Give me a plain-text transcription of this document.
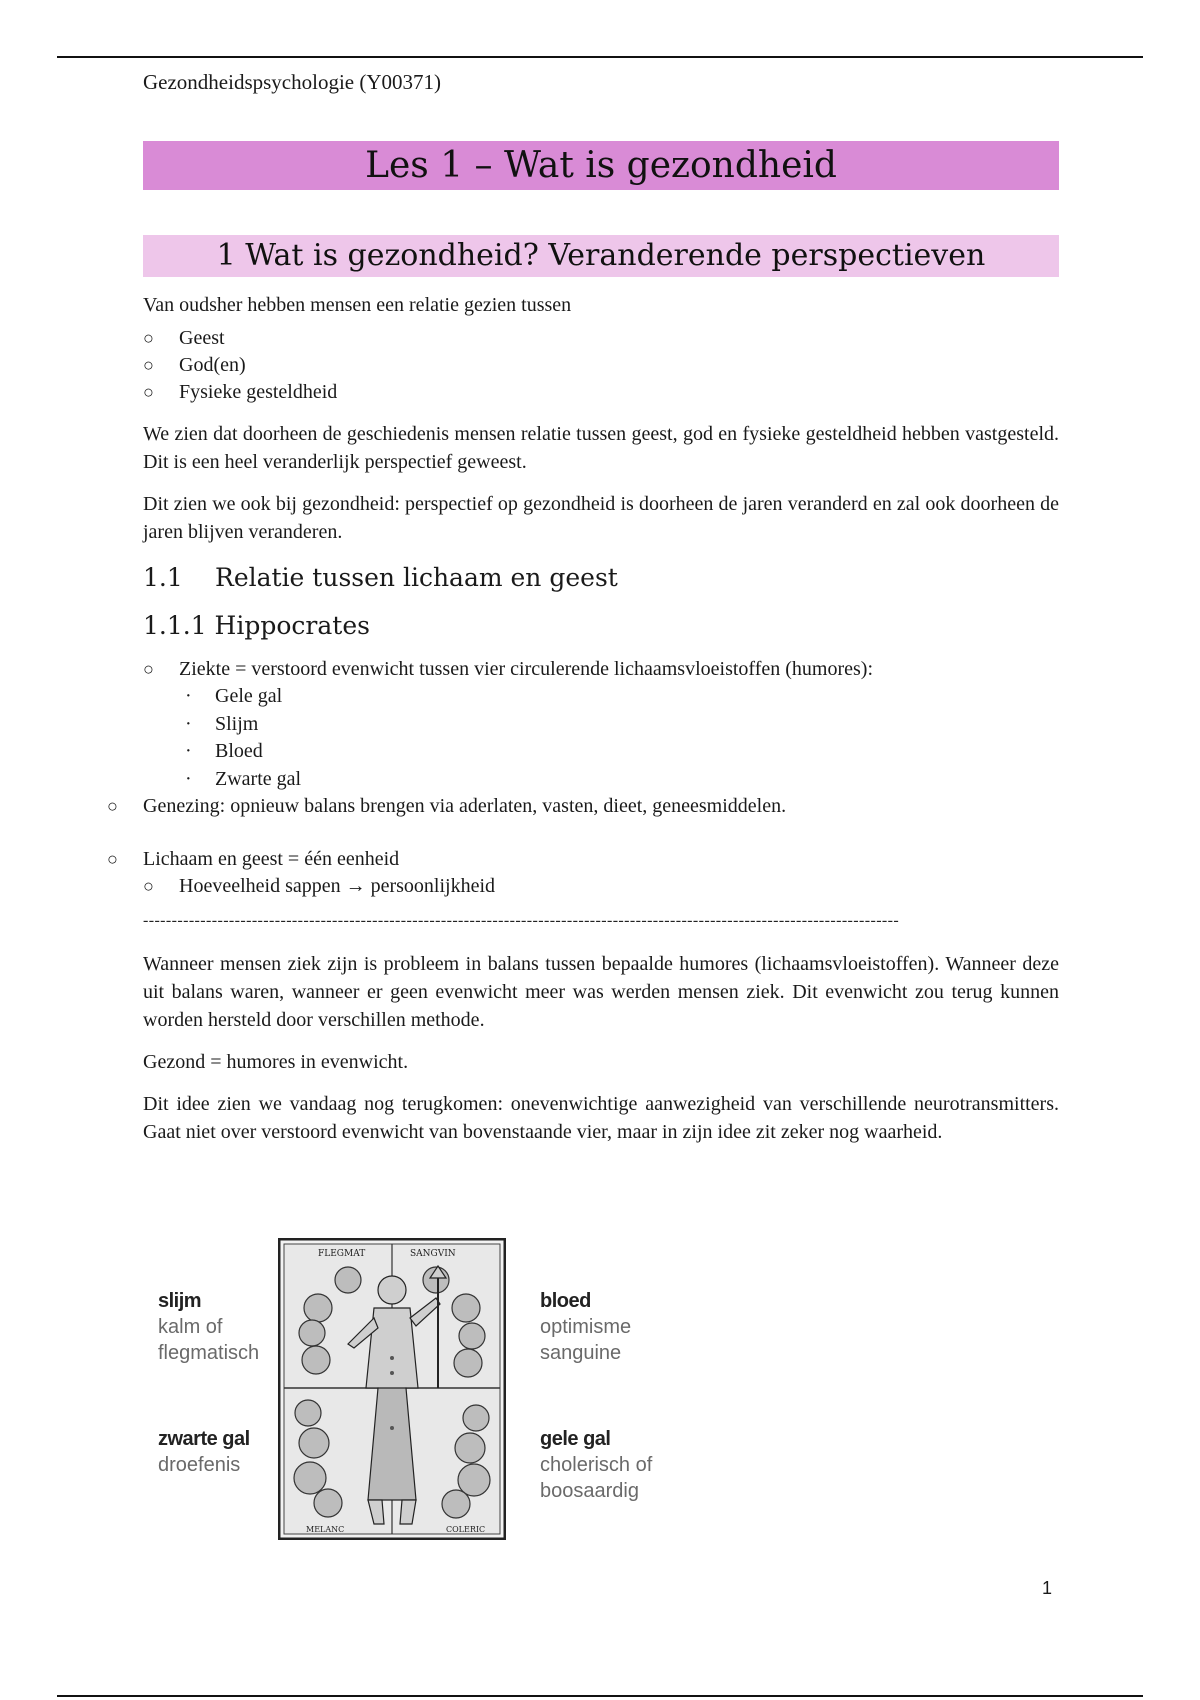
Gezondheidspsychologie (Y00371)
Les 1 – Wat is gezondheid
1 Wat is gezondheid? Veranderende perspectieven

Van oudsher hebben mensen een relatie gezien tussen

○ Geest
○ God(en)
○ Fysieke gesteldheid

We zien dat doorheen de geschiedenis mensen relatie tussen geest, god en fysieke gesteldheid hebben vastgesteld. Dit is een heel veranderlijk perspectief geweest.

Dit zien we ook bij gezondheid: perspectief op gezondheid is doorheen de jaren veranderd en zal ook doorheen de jaren blijven veranderen.

1.1 Relatie tussen lichaam en geest
1.1.1 Hippocrates
○ Ziekte = verstoord evenwicht tussen vier circulerende lichaamsvloeistoffen (humores):
· Gele gal
· Slijm
· Bloed
· Zwarte gal
○ Genezing: opnieuw balans brengen via aderlaten, vasten, dieet, geneesmiddelen.
○ Lichaam en geest = één eenheid
○ Hoeveelheid sappen → persoonlijkheid
------------------------------------------------------------------------------------------------------------------------------------

Wanneer mensen ziek zijn is probleem in balans tussen bepaalde humores (lichaamsvloeistoffen). Wanneer deze uit balans waren, wanneer er geen evenwicht meer was werden mensen ziek. Dit evenwicht zou terug kunnen worden hersteld door verschillen methode.

Gezond = humores in evenwicht.

Dit idee zien we vandaag nog terugkomen: onevenwichtige aanwezigheid van verschillende neurotransmitters. Gaat niet over verstoord evenwicht van bovenstaande vier, maar in zijn idee zit zeker nog waarheid.

slijm
kalm of
flegmatisch
zwarte gal
droefenis
bloed
optimisme
sanguine
gele gal
cholerisch of
boosaardig
FLEGMAT	SANGVIN
MELANC	COLERIC
1
